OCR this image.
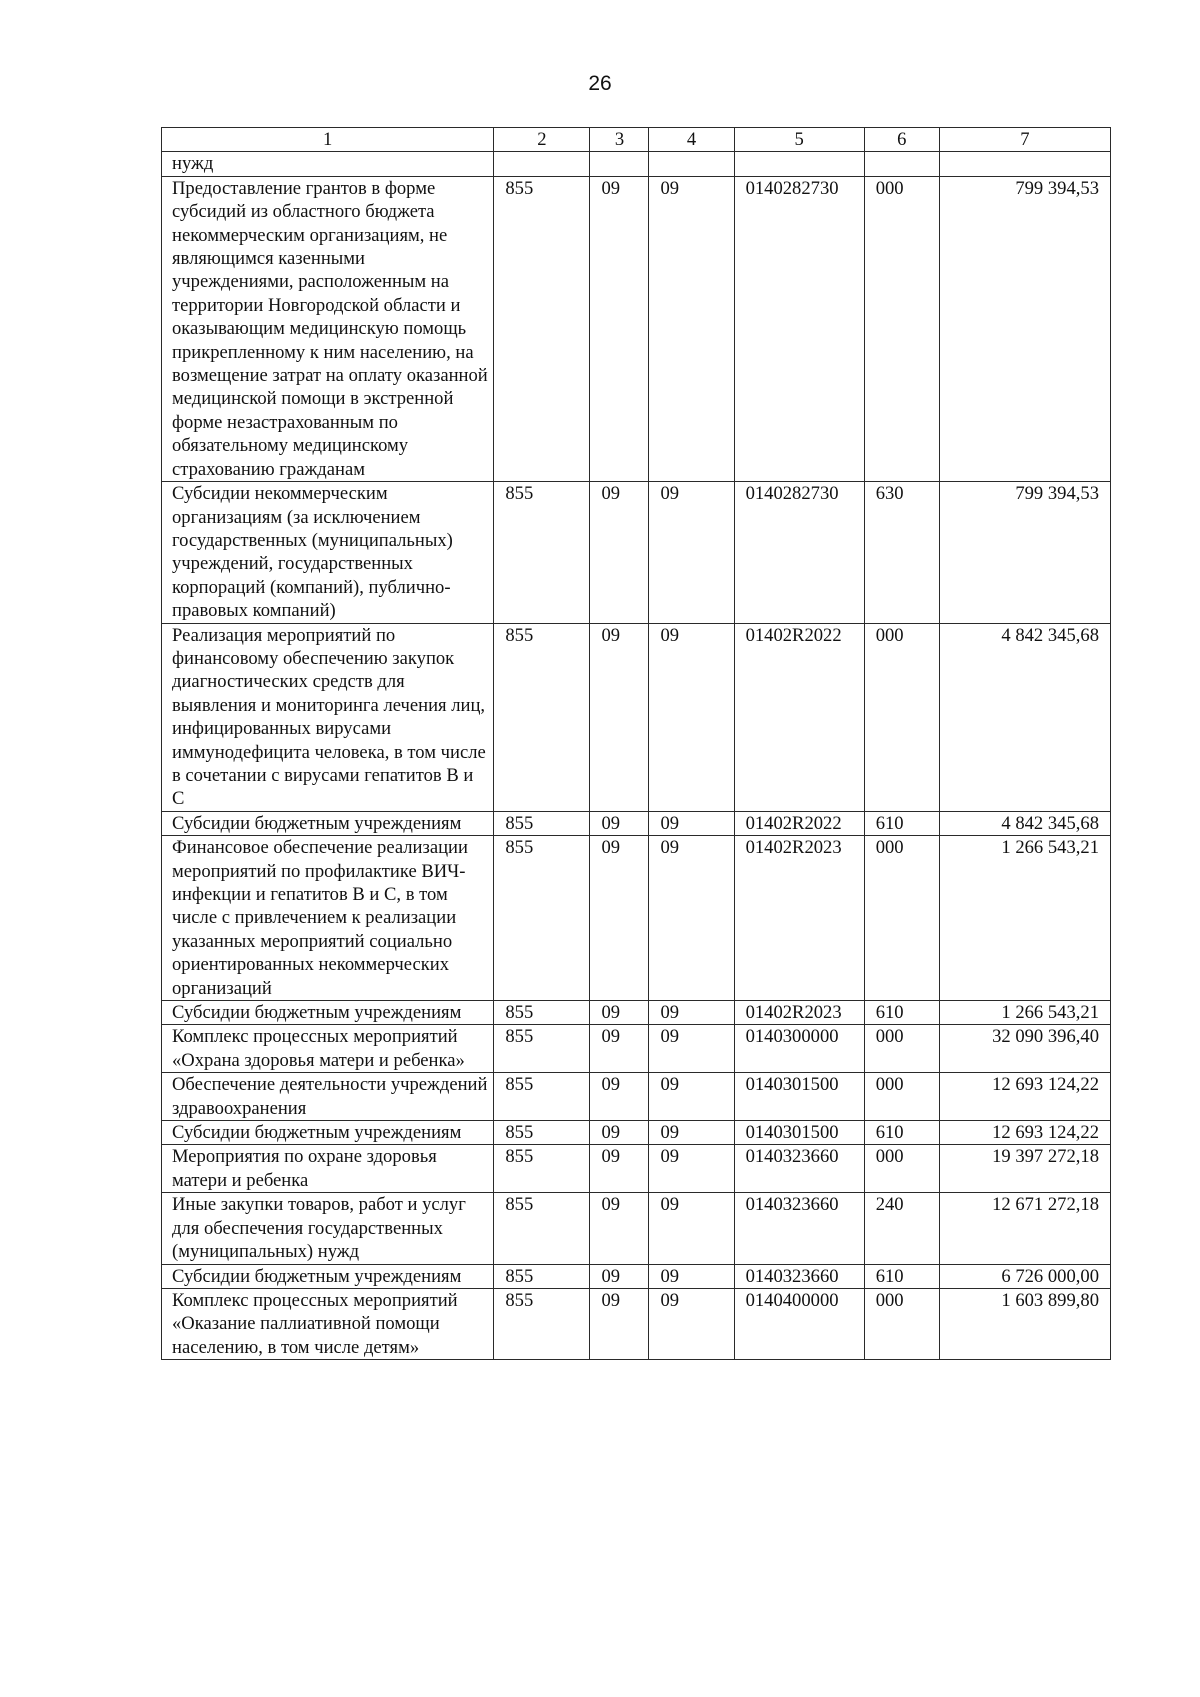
26
1	2	3	4	5	6	7
нужд						
Предоставление грантов в форме субсидий из областного бюджета некоммерческим организациям, не являющимся казенными учреждениями, расположенным на территории Новгородской области и оказывающим медицинскую помощь прикрепленному к ним населению, на возмещение затрат на оплату оказанной медицинской помощи в экстренной форме незастрахованным по обязательному медицинскому страхованию гражданам	855	09	09	0140282730	000	799 394,53
Субсидии некоммерческим организациям (за исключением государственных (муниципальных) учреждений, государственных корпораций (компаний), публично-правовых компаний)	855	09	09	0140282730	630	799 394,53
Реализация мероприятий по финансовому обеспечению закупок диагностических средств для выявления и мониторинга лечения лиц, инфицированных вирусами иммунодефицита человека, в том числе в сочетании с вирусами гепатитов В и С	855	09	09	01402R2022	000	4 842 345,68
Субсидии бюджетным учреждениям	855	09	09	01402R2022	610	4 842 345,68
Финансовое обеспечение реализации мероприятий по профилактике ВИЧ-инфекции и гепатитов В и С, в том числе с привлечением к реализации указанных мероприятий социально ориентированных некоммерческих организаций	855	09	09	01402R2023	000	1 266 543,21
Субсидии бюджетным учреждениям	855	09	09	01402R2023	610	1 266 543,21
Комплекс процессных мероприятий «Охрана здоровья матери и ребенка»	855	09	09	0140300000	000	32 090 396,40
Обеспечение деятельности учреждений здравоохранения	855	09	09	0140301500	000	12 693 124,22
Субсидии бюджетным учреждениям	855	09	09	0140301500	610	12 693 124,22
Мероприятия по охране здоровья матери и ребенка	855	09	09	0140323660	000	19 397 272,18
Иные закупки товаров, работ и услуг для обеспечения государственных (муниципальных) нужд	855	09	09	0140323660	240	12 671 272,18
Субсидии бюджетным учреждениям	855	09	09	0140323660	610	6 726 000,00
Комплекс процессных мероприятий «Оказание паллиативной помощи населению, в том числе детям»	855	09	09	0140400000	000	1 603 899,80
